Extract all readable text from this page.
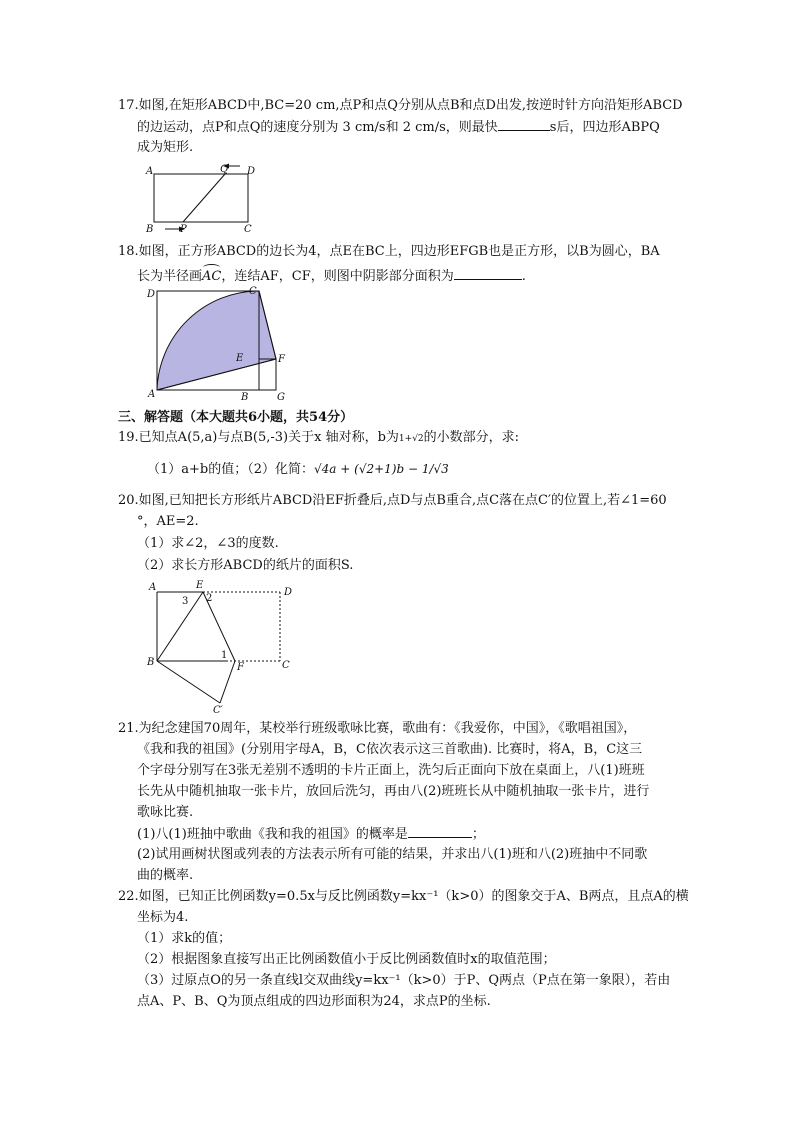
17.如图,在矩形ABCD中,BC=20 cm,点P和点Q分别从点B和点D出发,按逆时针方向沿矩形ABCD
的边运动，点P和点Q的速度分别为 3 cm/s和 2 cm/s，则最快	s后，四边形ABPQ
成为矩形.
A	Q D
B	P	C
18.如图，正方形ABCD的边长为4，点E在BC上，四边形EFGB也是正方形，以B为圆心，BA
长为半径画
AC，连结AF，CF，则图中阴影部分面积为	.
D	C
E	F
A	B	G
三、解答题（本大题共6小题，共54分）
19.已知点A(5,a)与点B(5,-3)关于x 轴对称，b为1+√2的小数部分，求:
（1）a+b的值；（2）化简：√4a + (√2+1)b − 1/√3
20.如图,已知把长方形纸片ABCD沿EF折叠后,点D与点B重合,点C落在点C′的位置上,若∠1=60
°，AE=2.
（1）求∠2，∠3的度数.
（2）求长方形ABCD的纸片的面积S.
A	E
D
3 2
1
B	F	C
C′
21.为纪念建国70周年，某校举行班级歌咏比赛，歌曲有：《我爱你，中国》，《歌唱祖国》，
《我和我的祖国》(分别用字母A，B，C依次表示这三首歌曲). 比赛时，将A，B，C这三
个字母分别写在3张无差别不透明的卡片正面上，洗匀后正面向下放在桌面上，八(1)班班
长先从中随机抽取一张卡片，放回后洗匀，再由八(2)班班长从中随机抽取一张卡片，进行
歌咏比赛.
(1)八(1)班抽中歌曲《我和我的祖国》的概率是	；
(2)试用画树状图或列表的方法表示所有可能的结果，并求出八(1)班和八(2)班抽中不同歌
曲的概率.
22.如图，已知正比例函数y=0.5x与反比例函数y=kx⁻¹（k>0）的图象交于A、B两点，且点A的横
坐标为4.
（1）求k的值；
（2）根据图象直接写出正比例函数值小于反比例函数值时x的取值范围；
（3）过原点O的另一条直线l交双曲线y=kx⁻¹（k>0）于P、Q两点（P点在第一象限），若由
点A、P、B、Q为顶点组成的四边形面积为24，求点P的坐标.
